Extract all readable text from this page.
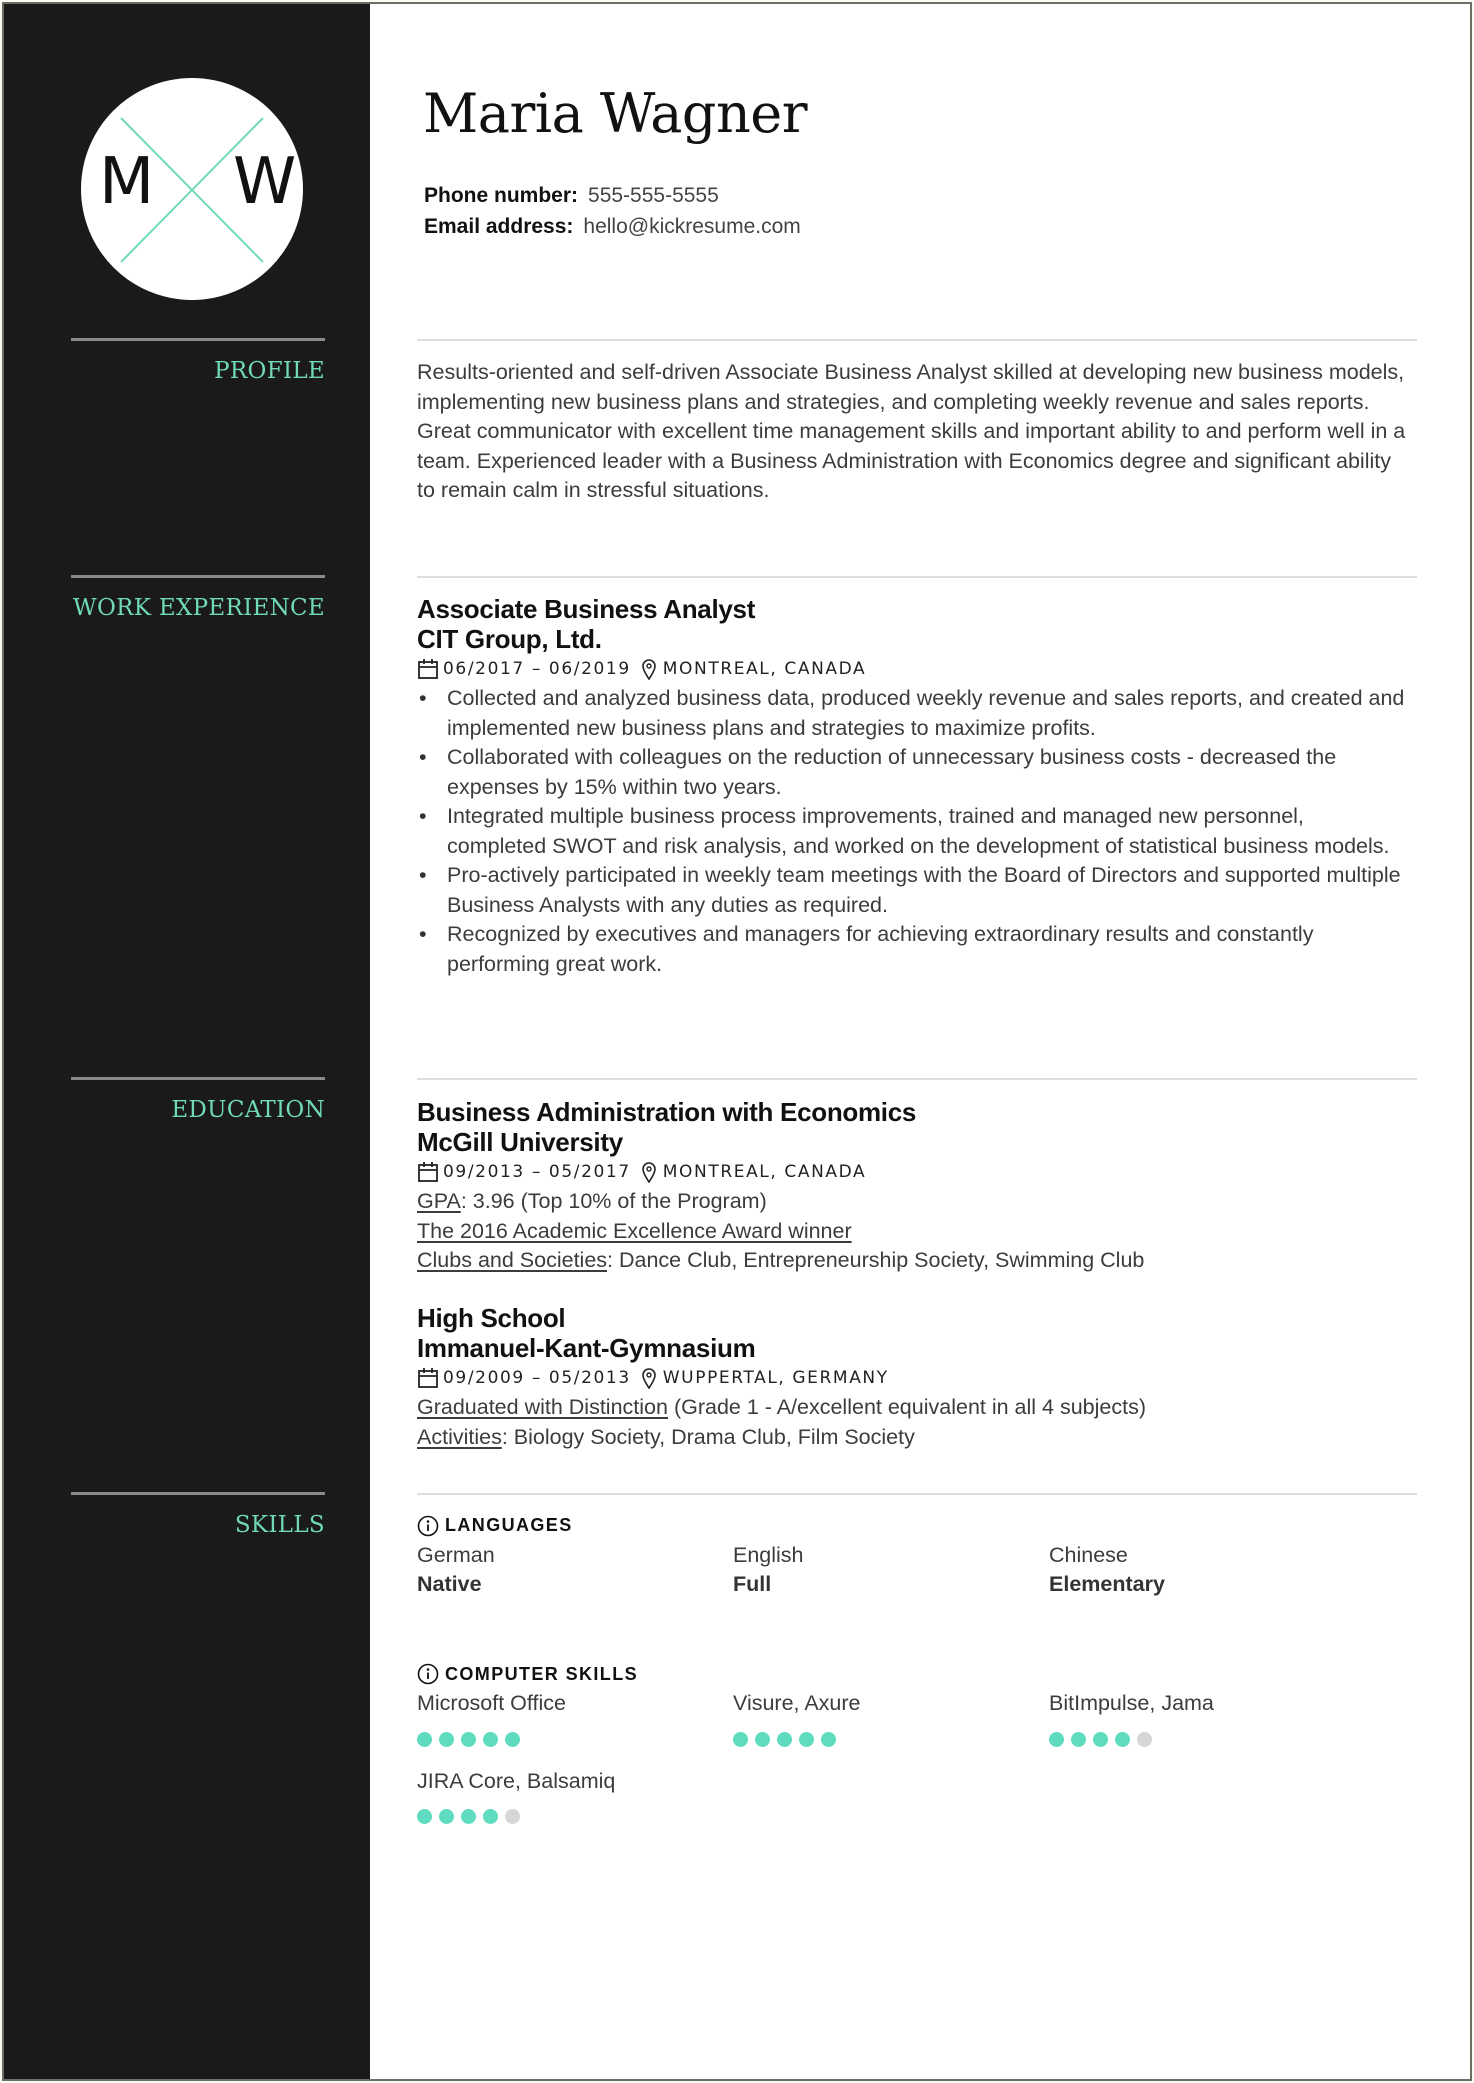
M W
PROFILE
WORK EXPERIENCE
EDUCATION
SKILLS
Maria Wagner
Phone number: 555-555-5555
Email address: hello@kickresume.com
Results-oriented and self-driven Associate Business Analyst skilled at developing new business models, implementing new business plans and strategies, and completing weekly revenue and sales reports. Great communicator with excellent time management skills and important ability to and perform well in a team. Experienced leader with a Business Administration with Economics degree and significant ability to remain calm in stressful situations.
Associate Business Analyst
CIT Group, Ltd.
06/2017 – 06/2019 MONTREAL, CANADA
• Collected and analyzed business data, produced weekly revenue and sales reports, and created and implemented new business plans and strategies to maximize profits.
• Collaborated with colleagues on the reduction of unnecessary business costs - decreased the expenses by 15% within two years.
• Integrated multiple business process improvements, trained and managed new personnel, completed SWOT and risk analysis, and worked on the development of statistical business models.
• Pro-actively participated in weekly team meetings with the Board of Directors and supported multiple Business Analysts with any duties as required.
• Recognized by executives and managers for achieving extraordinary results and constantly performing great work.
Business Administration with Economics
McGill University
09/2013 – 05/2017 MONTREAL, CANADA
GPA: 3.96 (Top 10% of the Program)
The 2016 Academic Excellence Award winner
Clubs and Societies: Dance Club, Entrepreneurship Society, Swimming Club
High School
Immanuel-Kant-Gymnasium
09/2009 – 05/2013 WUPPERTAL, GERMANY
Graduated with Distinction (Grade 1 - A/excellent equivalent in all 4 subjects)
Activities: Biology Society, Drama Club, Film Society
LANGUAGES
German
Native
English
Full
Chinese
Elementary
COMPUTER SKILLS
Microsoft Office	Visure, Axure	BitImpulse, Jama
JIRA Core, Balsamiq
